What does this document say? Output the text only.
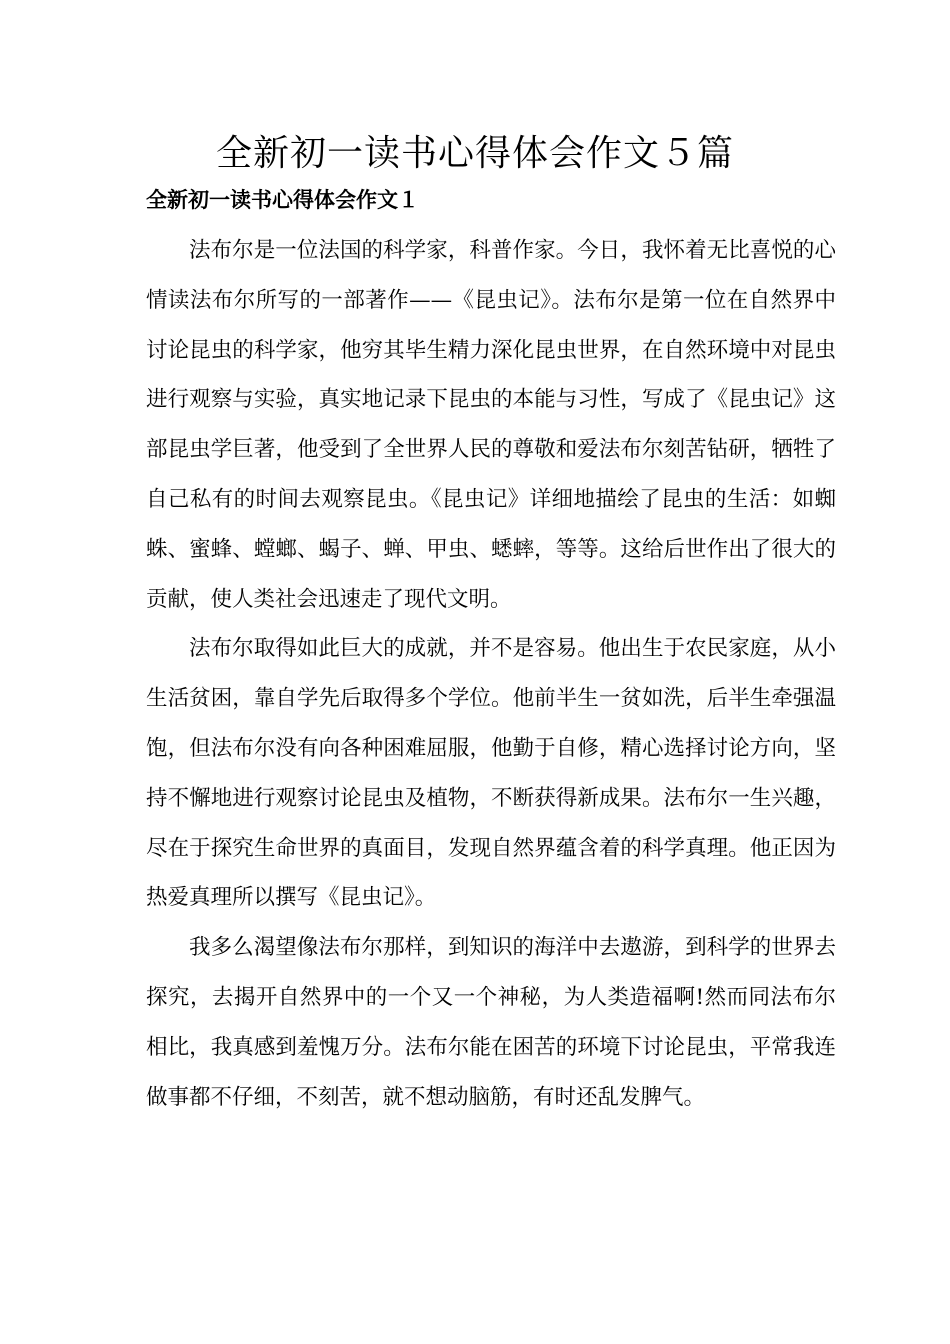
全新初一读书心得体会作文５篇
全新初一读书心得体会作文１

法布尔是一位法国的科学家，科普作家。今日，我怀着无比喜悦的心情读法布尔所写的一部著作——《昆虫记》。法布尔是第一位在自然界中讨论昆虫的科学家，他穷其毕生精力深化昆虫世界，在自然环境中对昆虫进行观察与实验，真实地记录下昆虫的本能与习性，写成了《昆虫记》这部昆虫学巨著，他受到了全世界人民的尊敬和爱法布尔刻苦钻研，牺牲了自己私有的时间去观察昆虫。《昆虫记》详细地描绘了昆虫的生活：如蜘蛛、蜜蜂、螳螂、蝎子、蝉、甲虫、蟋蟀，等等。这给后世作出了很大的贡献，使人类社会迅速走了现代文明。

法布尔取得如此巨大的成就，并不是容易。他出生于农民家庭，从小生活贫困，靠自学先后取得多个学位。他前半生一贫如洗，后半生牵强温饱，但法布尔没有向各种困难屈服，他勤于自修，精心选择讨论方向，坚持不懈地进行观察讨论昆虫及植物，不断获得新成果。法布尔一生兴趣，尽在于探究生命世界的真面目，发现自然界蕴含着的科学真理。他正因为热爱真理所以撰写《昆虫记》。

我多么渴望像法布尔那样，到知识的海洋中去遨游，到科学的世界去探究，去揭开自然界中的一个又一个神秘，为人类造福啊!然而同法布尔相比，我真感到羞愧万分。法布尔能在困苦的环境下讨论昆虫，平常我连做事都不仔细，不刻苦，就不想动脑筋，有时还乱发脾气。
